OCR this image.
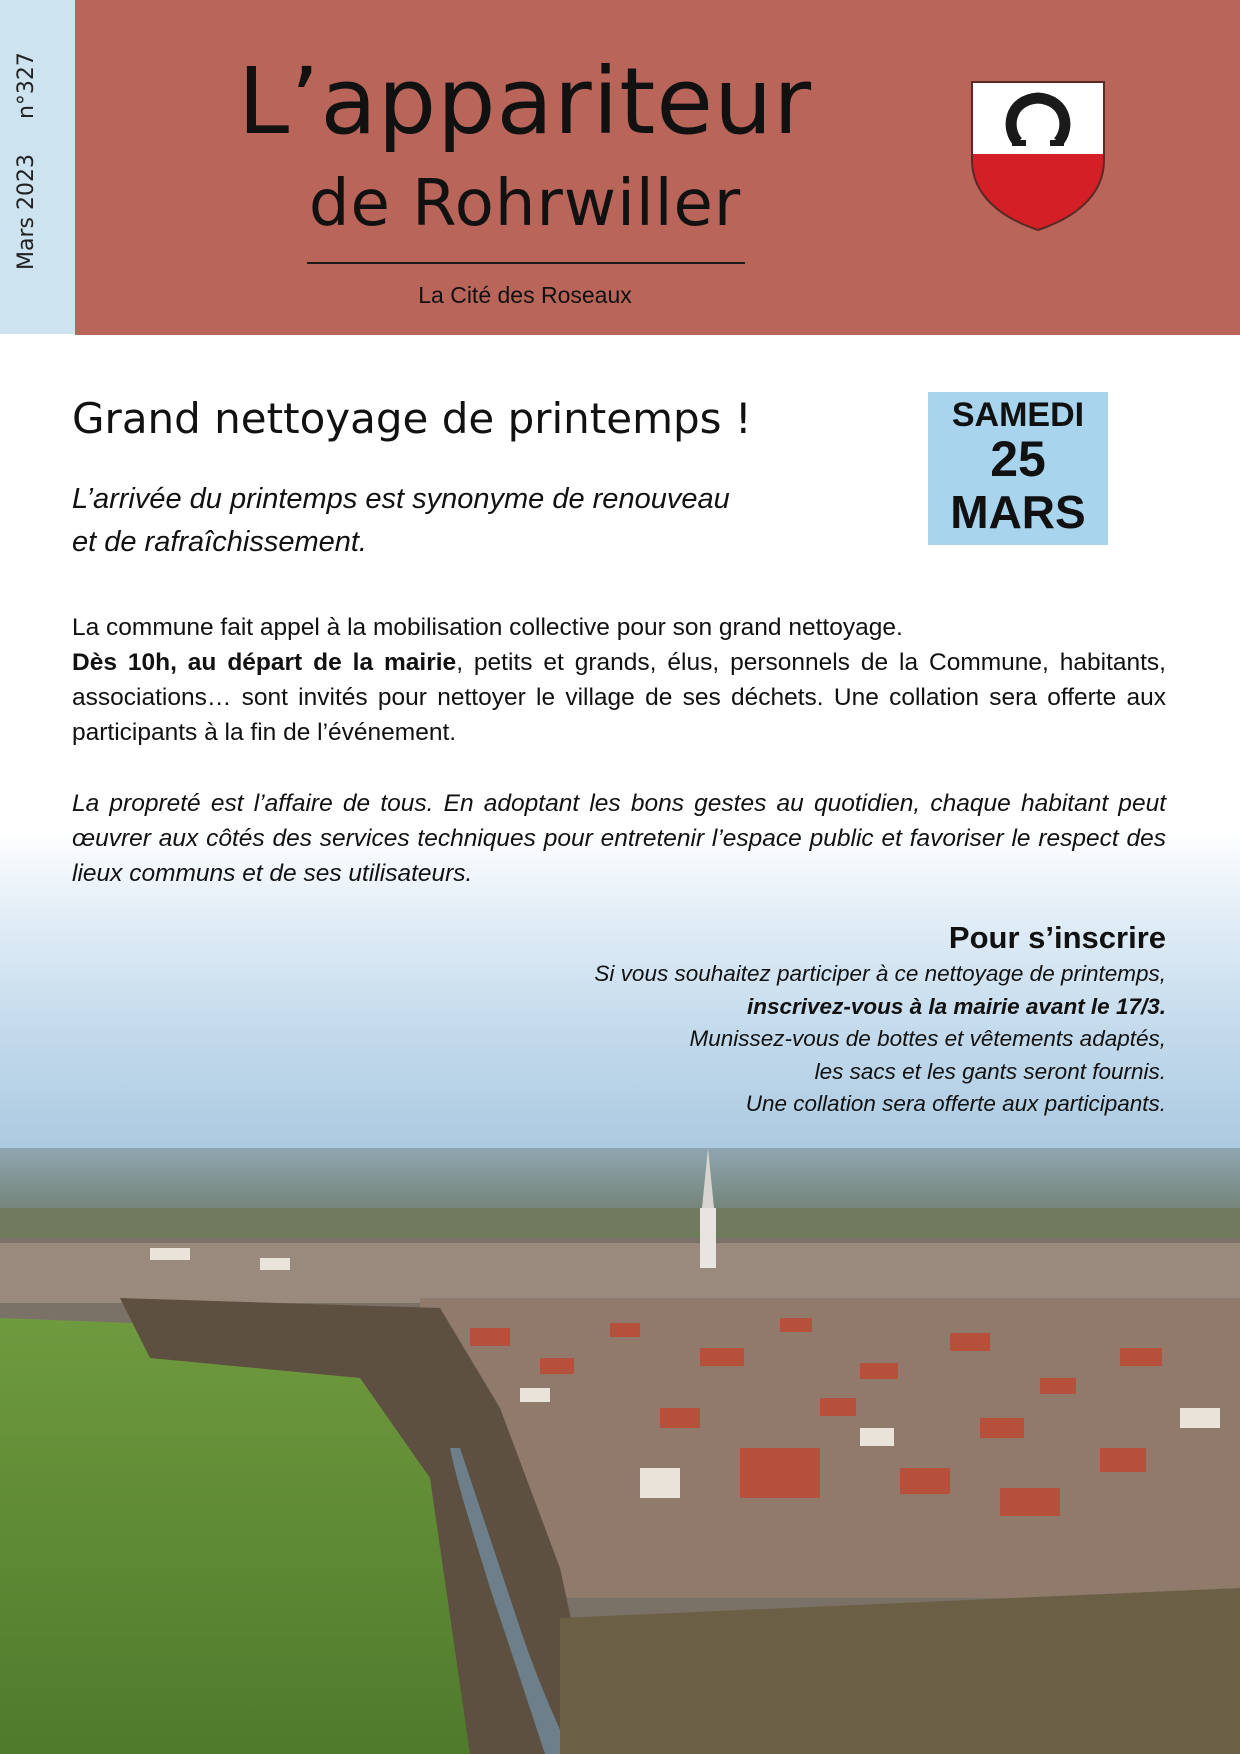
Mars 2023 n°327 L’appariteur
de Rohrwiller
La Cité des Roseaux
Grand nettoyage de printemps !
L’arrivée du printemps est synonyme de renouveau
et de rafraîchissement.
SAMEDI
25
MARS
La commune fait appel à la mobilisation collective pour son grand nettoyage.
Dès 10h, au départ de la mairie, petits et grands, élus, personnels de la Commune, habitants, associations… sont invités pour nettoyer le village de ses déchets. Une collation sera offerte aux participants à la fin de l’événement.
La propreté est l’affaire de tous. En adoptant les bons gestes au quotidien, chaque habitant peut œuvrer aux côtés des services techniques pour entretenir l’espace public et favoriser le respect des lieux communs et de ses utilisateurs.
Pour s’inscrire
Si vous souhaitez participer à ce nettoyage de printemps,
inscrivez-vous à la mairie avant le 17/3.
Munissez-vous de bottes et vêtements adaptés,
les sacs et les gants seront fournis.
Une collation sera offerte aux participants.
